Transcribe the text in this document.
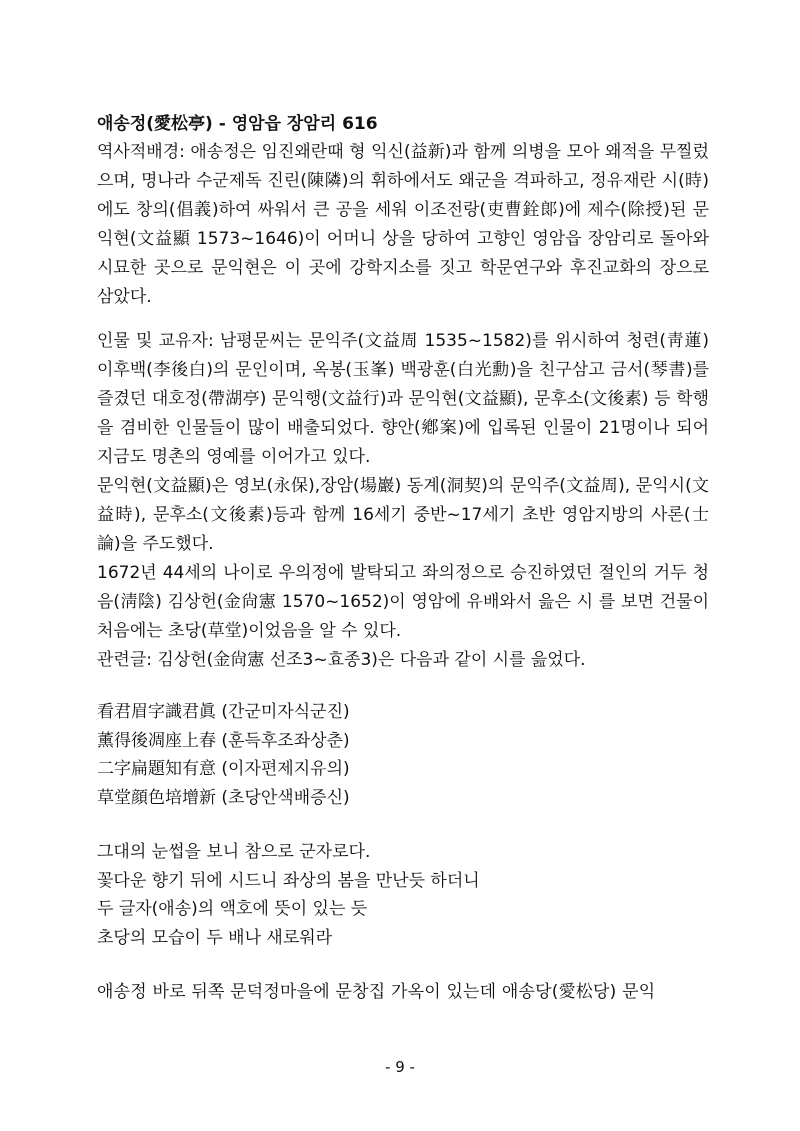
애송정(愛松亭) - 영암읍 장암리 616

역사적배경: 애송정은 임진왜란때 형 익신(益新)과 함께 의병을 모아 왜적을 무찔렀으며, 명나라 수군제독 진린(陳隣)의 휘하에서도 왜군을 격파하고, 정유재란 시(時)에도 창의(倡義)하여 싸워서 큰 공을 세워 이조전랑(吏曹銓郞)에 제수(除授)된 문익현(文益顯 1573~1646)이 어머니 상을 당하여 고향인 영암읍 장암리로 돌아와 시묘한 곳으로 문익현은 이 곳에 강학지소를 짓고 학문연구와 후진교화의 장으로 삼았다.

인물 및 교유자: 남평문씨는 문익주(文益周 1535~1582)를 위시하여 청련(靑蓮) 이후백(李後白)의 문인이며, 옥봉(玉峯) 백광훈(白光勳)을 친구삼고 금서(琴書)를 즐겼던 대호정(帶湖亭) 문익행(文益行)과 문익현(文益顯), 문후소(文後素) 등 학행을 겸비한 인물들이 많이 배출되었다. 향안(鄕案)에 입록된 인물이 21명이나 되어 지금도 명촌의 영예를 이어가고 있다.

문익현(文益顯)은 영보(永保),장암(場巖) 동계(洞契)의 문익주(文益周), 문익시(文益時), 문후소(文後素)등과 함께 16세기 중반~17세기 초반 영암지방의 사론(士論)을 주도했다.

1672년 44세의 나이로 우의정에 발탁되고 좌의정으로 승진하였던 절인의 거두 청음(淸陰) 김상헌(金尙憲 1570~1652)이 영암에 유배와서 읊은 시 를 보면 건물이 처음에는 초당(草堂)이었음을 알 수 있다.

관련글: 김상헌(金尙憲 선조3~효종3)은 다음과 같이 시를 읊었다.

看君眉字識君眞 (간군미자식군진)
薰得後凋座上春 (훈득후조좌상춘)
二字扁題知有意 (이자편제지유의)
草堂顔色培增新 (초당안색배증신)
그대의 눈썹을 보니 참으로 군자로다.
꽃다운 향기 뒤에 시드니 좌상의 봄을 만난듯 하더니
두 글자(애송)의 액호에 뜻이 있는 듯
초당의 모습이 두 배나 새로워라

애송정 바로 뒤쪽 문덕정마을에 문창집 가옥이 있는데 애송당(愛松당) 문익

- 9 -
